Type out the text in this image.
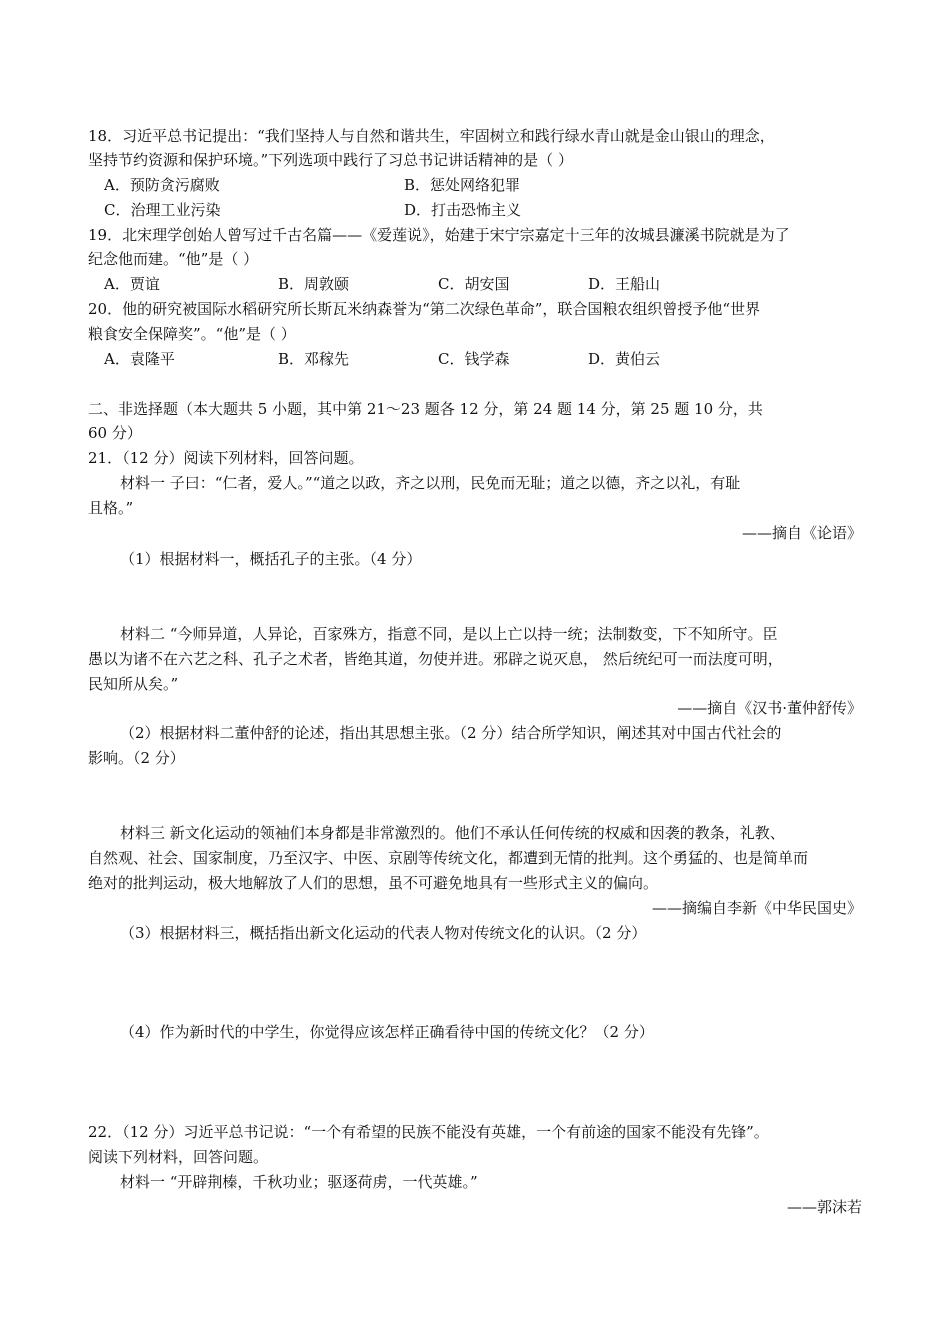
18．习近平总书记提出：“我们坚持人与自然和谐共生，牢固树立和践行绿水青山就是金山银山的理念，
坚持节约资源和保护环境。”下列选项中践行了习总书记讲话精神的是（ ）
A．预防贪污腐败	B．惩处网络犯罪
C．治理工业污染	D．打击恐怖主义
19．北宋理学创始人曾写过千古名篇——《爱莲说》，始建于宋宁宗嘉定十三年的汝城县濂溪书院就是为了
纪念他而建。“他”是（ ）
A．贾谊	B．周敦颐	C．胡安国	D．王船山
20．他的研究被国际水稻研究所长斯瓦米纳森誉为“第二次绿色革命”，联合国粮农组织曾授予他“世界
粮食安全保障奖”。“他”是（ ）
A．袁隆平	B．邓稼先	C．钱学森	D．黄伯云
二、非选择题（本大题共 5 小题，其中第 21～23 题各 12 分，第 24 题 14 分，第 25 题 10 分，共
60 分）
21．（12 分）阅读下列材料，回答问题。
材料一 子曰：“仁者，爱人。”“道之以政，齐之以刑，民免而无耻；道之以德，齐之以礼，有耻
且格。”
——摘自《论语》
（1）根据材料一，概括孔子的主张。（4 分）
材料二 “今师异道，人异论，百家殊方，指意不同，是以上亡以持一统；法制数变，下不知所守。臣
愚以为诸不在六艺之科、孔子之术者，皆绝其道，勿使并进。邪辟之说灭息， 然后统纪可一而法度可明，
民知所从矣。”
——摘自《汉书·董仲舒传》
（2）根据材料二董仲舒的论述，指出其思想主张。（2 分）结合所学知识，阐述其对中国古代社会的
影响。（2 分）
材料三 新文化运动的领袖们本身都是非常激烈的。他们不承认任何传统的权威和因袭的教条，礼教、
自然观、社会、国家制度，乃至汉字、中医、京剧等传统文化，都遭到无情的批判。这个勇猛的、也是简单而
绝对的批判运动，极大地解放了人们的思想，虽不可避免地具有一些形式主义的偏向。
——摘编自李新《中华民国史》
（3）根据材料三，概括指出新文化运动的代表人物对传统文化的认识。（2 分）
（4）作为新时代的中学生，你觉得应该怎样正确看待中国的传统文化？（2 分）
22．（12 分）习近平总书记说：“一个有希望的民族不能没有英雄，一个有前途的国家不能没有先锋”。
阅读下列材料，回答问题。
材料一 “开辟荆榛，千秋功业；驱逐荷虏，一代英雄。”
——郭沫若
